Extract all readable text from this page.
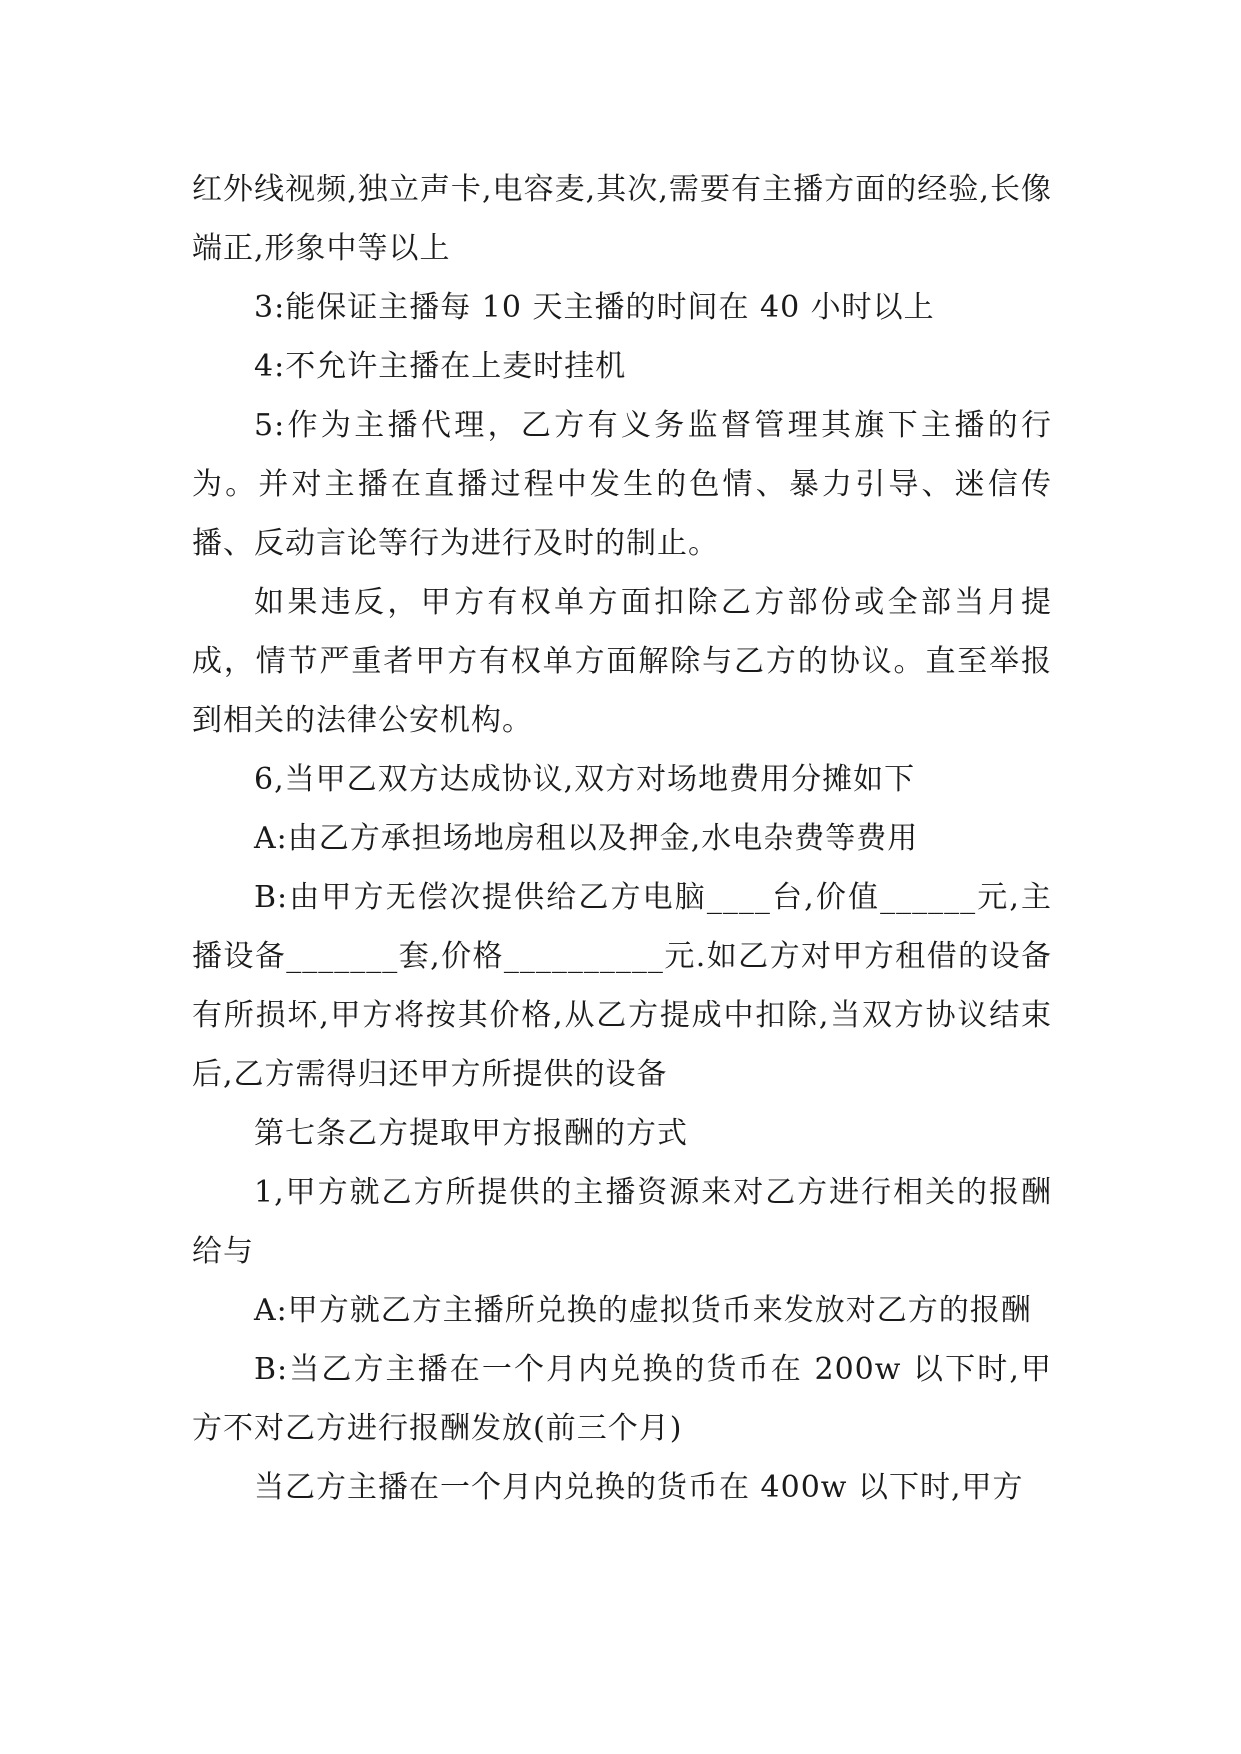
红外线视频,独立声卡,电容麦,其次,需要有主播方面的经验,长像端正,形象中等以上

3:能保证主播每 10 天主播的时间在 40 小时以上

4:不允许主播在上麦时挂机

5:作为主播代理，乙方有义务监督管理其旗下主播的行为。并对主播在直播过程中发生的色情、暴力引导、迷信传播、反动言论等行为进行及时的制止。

如果违反，甲方有权单方面扣除乙方部份或全部当月提成，情节严重者甲方有权单方面解除与乙方的协议。直至举报到相关的法律公安机构。

6,当甲乙双方达成协议,双方对场地费用分摊如下

A:由乙方承担场地房租以及押金,水电杂费等费用

B:由甲方无偿次提供给乙方电脑____台,价值______元,主播设备_______套,价格__________元.如乙方对甲方租借的设备有所损坏,甲方将按其价格,从乙方提成中扣除,当双方协议结束后,乙方需得归还甲方所提供的设备

第七条乙方提取甲方报酬的方式

1,甲方就乙方所提供的主播资源来对乙方进行相关的报酬给与

A:甲方就乙方主播所兑换的虚拟货币来发放对乙方的报酬

B:当乙方主播在一个月内兑换的货币在 200w 以下时,甲方不对乙方进行报酬发放(前三个月)

当乙方主播在一个月内兑换的货币在 400w 以下时,甲方
